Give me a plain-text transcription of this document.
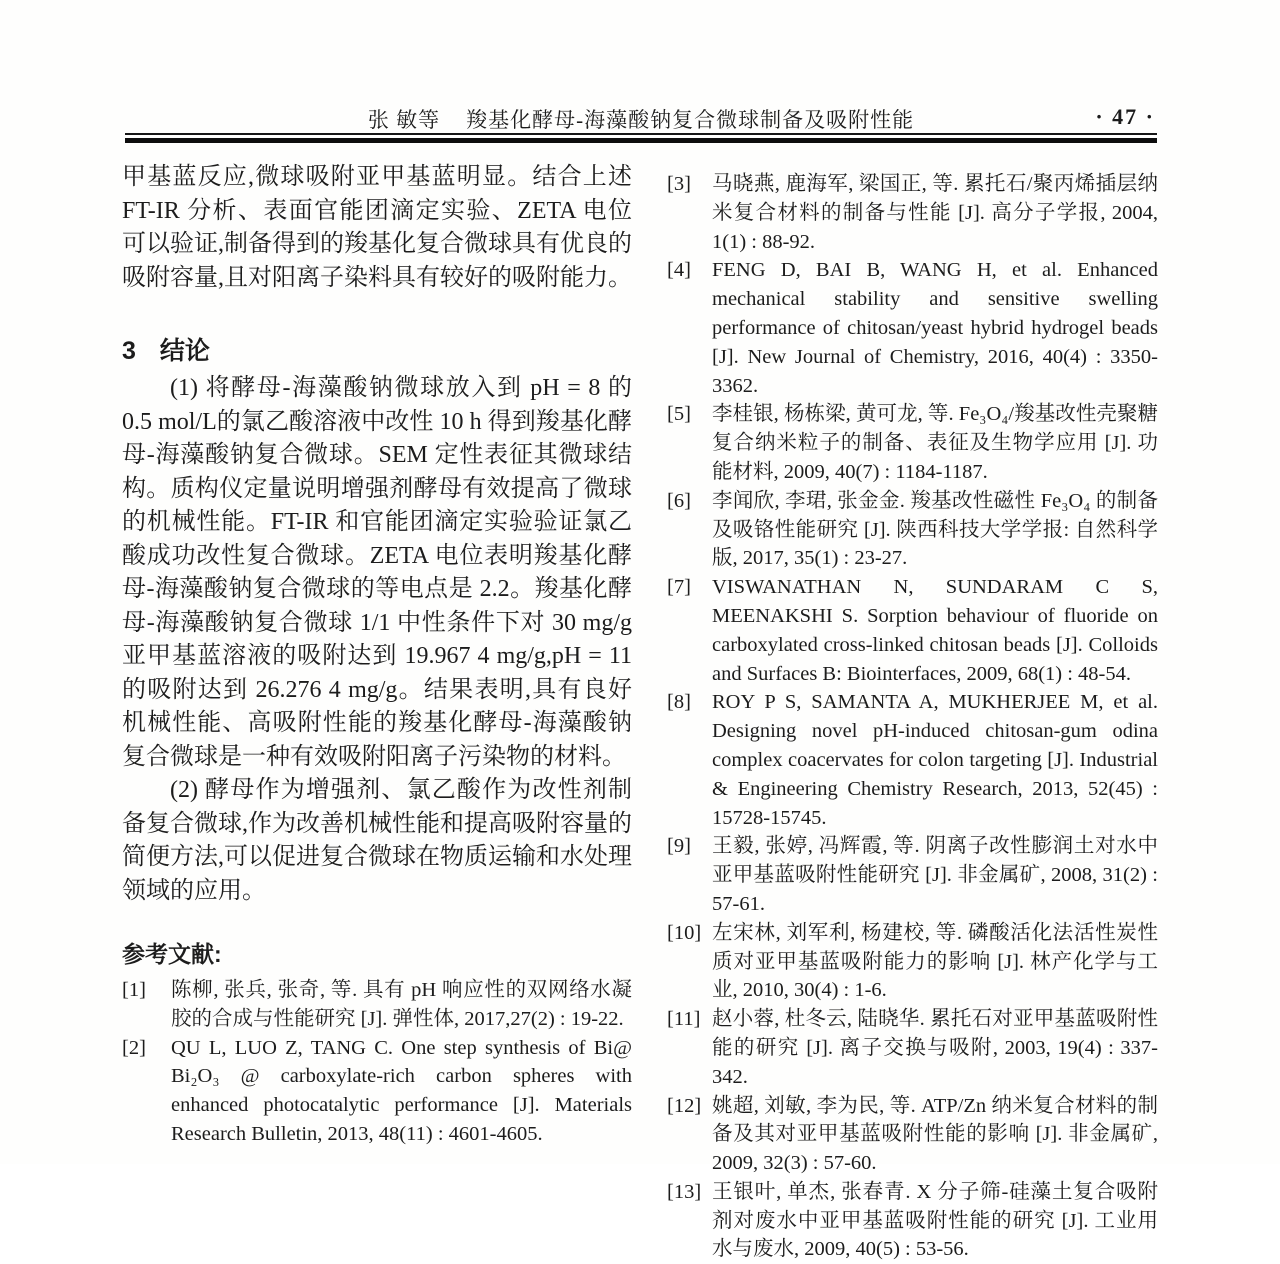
张 敏等 羧基化酵母-海藻酸钠复合微球制备及吸附性能	· 47 ·

甲基蓝反应,微球吸附亚甲基蓝明显。结合上述 FT-IR 分析、表面官能团滴定实验、ZETA 电位可以验证,制备得到的羧基化复合微球具有优良的吸附容量,且对阳离子染料具有较好的吸附能力。

3 结论

(1) 将酵母-海藻酸钠微球放入到 pH = 8 的 0.5 mol/L的氯乙酸溶液中改性 10 h 得到羧基化酵母-海藻酸钠复合微球。SEM 定性表征其微球结构。质构仪定量说明增强剂酵母有效提高了微球的机械性能。FT-IR 和官能团滴定实验验证氯乙酸成功改性复合微球。ZETA 电位表明羧基化酵母-海藻酸钠复合微球的等电点是 2.2。羧基化酵母-海藻酸钠复合微球 1/1 中性条件下对 30 mg/g 亚甲基蓝溶液的吸附达到 19.967 4 mg/g,pH = 11 的吸附达到 26.276 4 mg/g。结果表明,具有良好机械性能、高吸附性能的羧基化酵母-海藻酸钠复合微球是一种有效吸附阳离子污染物的材料。

(2) 酵母作为增强剂、氯乙酸作为改性剂制备复合微球,作为改善机械性能和提高吸附容量的简便方法,可以促进复合微球在物质运输和水处理领域的应用。

参考文献:
[1]	陈柳, 张兵, 张奇, 等. 具有 pH 响应性的双网络水凝胶的合成与性能研究 [J]. 弹性体, 2017,27(2) : 19-22.
[2]	QU L, LUO Z, TANG C. One step synthesis of Bi@ Bi₂O₃ @ carboxylate-rich carbon spheres with enhanced photocatalytic performance [J]. Materials Research Bulletin, 2013, 48(11) : 4601-4605.
[3]	马晓燕, 鹿海军, 梁国正, 等. 累托石/聚丙烯插层纳米复合材料的制备与性能 [J]. 高分子学报, 2004, 1(1) : 88-92.
[4]	FENG D, BAI B, WANG H, et al. Enhanced mechanical stability and sensitive swelling performance of chitosan/yeast hybrid hydrogel beads [J]. New Journal of Chemistry, 2016, 40(4) : 3350-3362.
[5]	李桂银, 杨栋梁, 黄可龙, 等. Fe₃O₄/羧基改性壳聚糖复合纳米粒子的制备、表征及生物学应用 [J]. 功能材料, 2009, 40(7) : 1184-1187.
[6]	李闻欣, 李珺, 张金金. 羧基改性磁性 Fe₃O₄ 的制备及吸铬性能研究 [J]. 陕西科技大学学报: 自然科学版, 2017, 35(1) : 23-27.
[7]	VISWANATHAN N, SUNDARAM C S, MEENAKSHI S. Sorption behaviour of fluoride on carboxylated cross-linked chitosan beads [J]. Colloids and Surfaces B: Biointerfaces, 2009, 68(1) : 48-54.
[8]	ROY P S, SAMANTA A, MUKHERJEE M, et al. Designing novel pH-induced chitosan-gum odina complex coacervates for colon targeting [J]. Industrial & Engineering Chemistry Research, 2013, 52(45) : 15728-15745.
[9]	王毅, 张婷, 冯辉霞, 等. 阴离子改性膨润土对水中亚甲基蓝吸附性能研究 [J]. 非金属矿, 2008, 31(2) : 57-61.
[10] 左宋林, 刘军利, 杨建校, 等. 磷酸活化法活性炭性质对亚甲基蓝吸附能力的影响 [J]. 林产化学与工业, 2010, 30(4) : 1-6.
[11] 赵小蓉, 杜冬云, 陆晓华. 累托石对亚甲基蓝吸附性能的研究 [J]. 离子交换与吸附, 2003, 19(4) : 337-342.
[12] 姚超, 刘敏, 李为民, 等. ATP/Zn 纳米复合材料的制备及其对亚甲基蓝吸附性能的影响 [J]. 非金属矿, 2009, 32(3) : 57-60.
[13] 王银叶, 单杰, 张春青. X 分子筛-硅藻土复合吸附剂对废水中亚甲基蓝吸附性能的研究 [J]. 工业用水与废水, 2009, 40(5) : 53-56.
